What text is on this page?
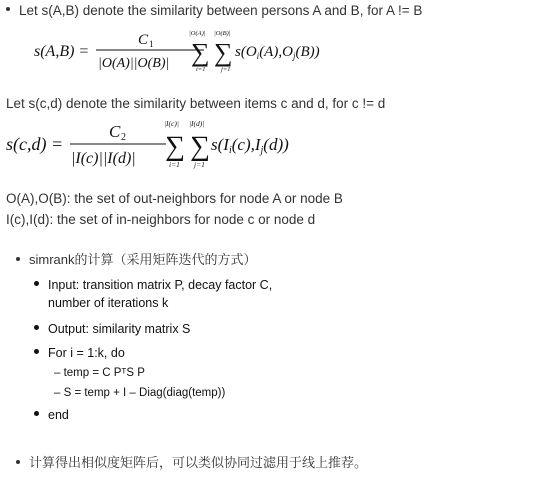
Let s(A,B) denote the similarity between persons A and B, for A != B
s(A,B) =
C 1
|O(A)||O(B)|
|O(A)|
∑
i=1
|O(B)|
∑
j=1
$s(O_i(A),O_j(B))$
Let s(c,d) denote the similarity between items c and d, for c != d
s(c,d) =
C 2
|I(c)||I(d)|
|I(c)|
∑
i=1
|I(d)|
∑
j=1
s(Ii(c),Ij(d))
O(A),O(B): the set of out-neighbors for node A or node B
I(c),I(d): the set of in-neighbors for node c or node d
simrank的计算（采用矩阵迭代的方式）
Input: transition matrix P, decay factor C,
number of iterations k
Output: similarity matrix S
For i = 1:k, do
– temp = C PᵀS P
– S = temp + I – Diag(diag(temp))
end
计算得出相似度矩阵后，可以类似协同过滤用于线上推荐。
